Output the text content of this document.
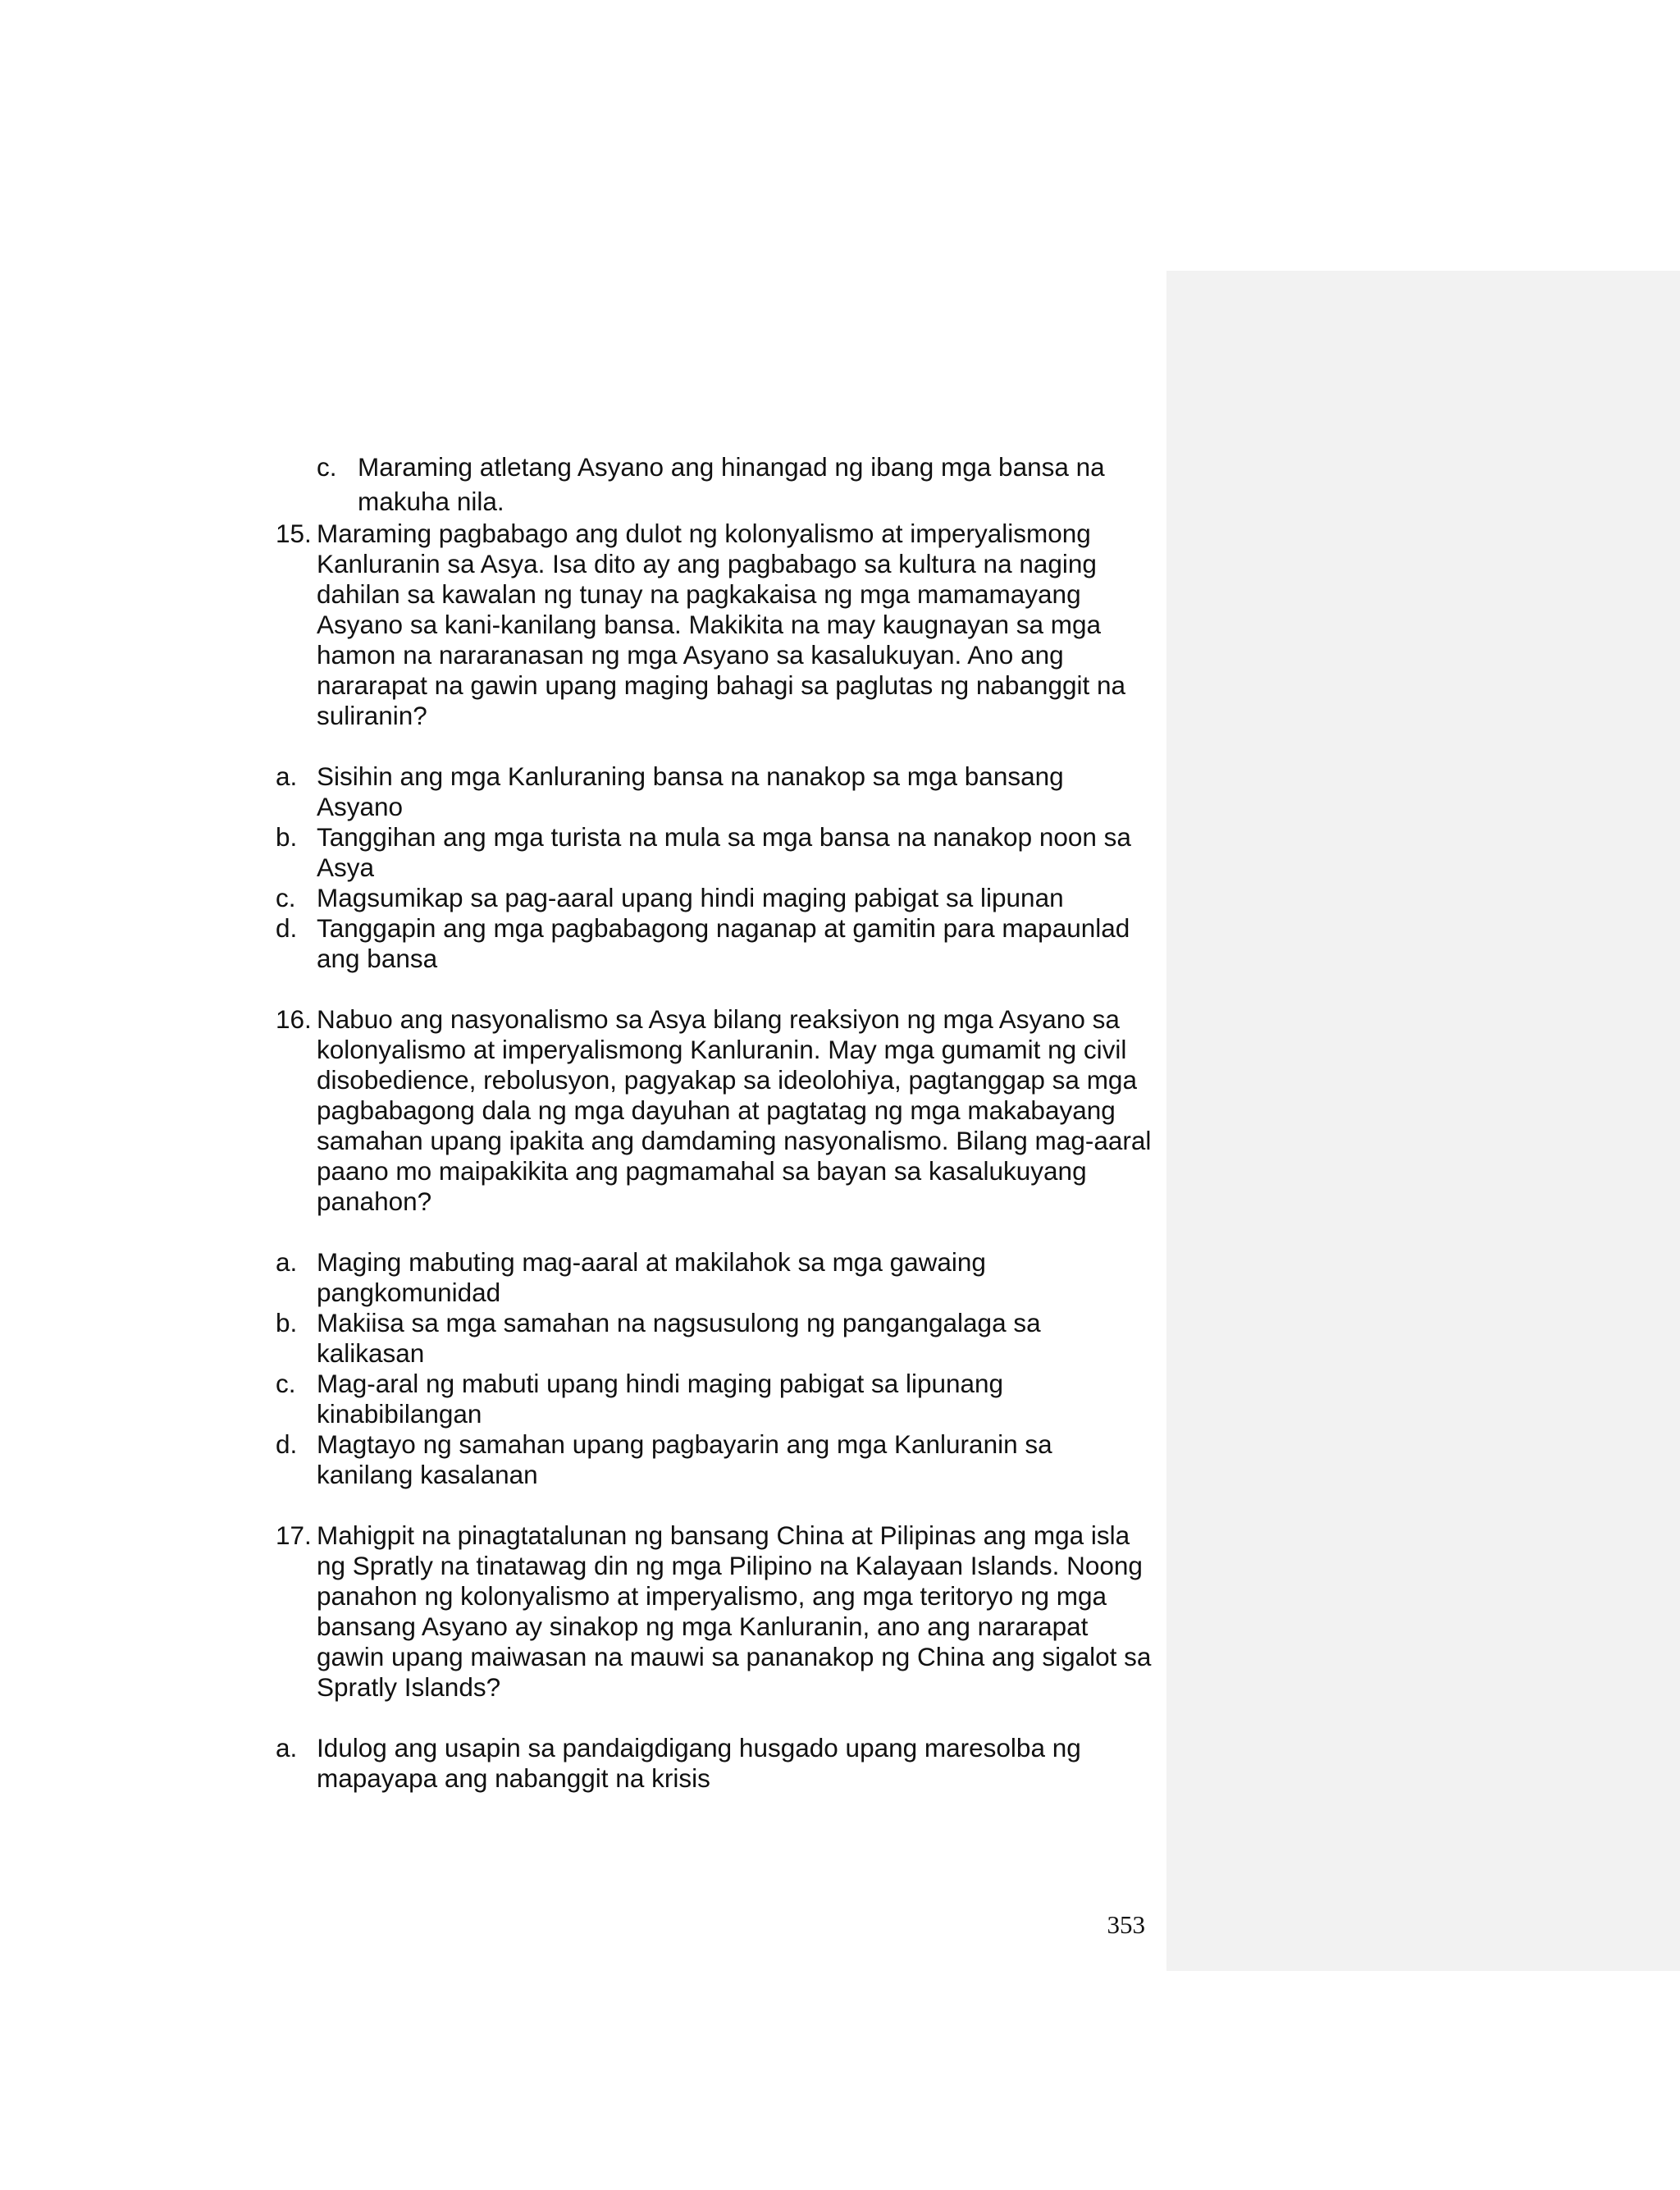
c. Maraming atletang Asyano ang hinangad ng ibang mga bansa na makuha nila.
15. Maraming pagbabago ang dulot ng kolonyalismo at imperyalismong Kanluranin sa Asya. Isa dito ay ang pagbabago sa kultura na naging dahilan sa kawalan ng tunay na pagkakaisa ng mga mamamayang Asyano sa kani-kanilang bansa. Makikita na may kaugnayan sa mga hamon na nararanasan ng mga Asyano sa kasalukuyan. Ano ang nararapat na gawin upang maging bahagi sa paglutas ng nabanggit na suliranin?
a. Sisihin ang mga Kanluraning bansa na nanakop sa mga bansang Asyano
b. Tanggihan ang mga turista na mula sa mga bansa na nanakop noon sa Asya
c. Magsumikap sa pag-aaral upang hindi maging pabigat sa lipunan
d. Tanggapin ang mga pagbabagong naganap at gamitin para mapaunlad ang bansa
16. Nabuo ang nasyonalismo sa Asya bilang reaksiyon ng mga Asyano sa kolonyalismo at imperyalismong Kanluranin. May mga gumamit ng civil disobedience, rebolusyon, pagyakap sa ideolohiya, pagtanggap sa mga pagbabagong dala ng mga dayuhan at pagtatag ng mga makabayang samahan upang ipakita ang damdaming nasyonalismo. Bilang mag-aaral paano mo maipakikita ang pagmamahal sa bayan sa kasalukuyang panahon?
a. Maging mabuting mag-aaral at makilahok sa mga gawaing pangkomunidad
b. Makiisa sa mga samahan na nagsusulong ng pangangalaga sa kalikasan
c. Mag-aral ng mabuti upang hindi maging pabigat sa lipunang kinabibilangan
d. Magtayo ng samahan upang pagbayarin ang mga Kanluranin sa kanilang kasalanan
17. Mahigpit na pinagtatalunan ng bansang China at Pilipinas ang mga isla ng Spratly na tinatawag din ng mga Pilipino na Kalayaan Islands. Noong panahon ng kolonyalismo at imperyalismo, ang mga teritoryo ng mga bansang Asyano ay sinakop ng mga Kanluranin, ano ang nararapat gawin upang maiwasan na mauwi sa pananakop ng China ang sigalot sa Spratly Islands?
a. Idulog ang usapin sa pandaigdigang husgado upang maresolba ng mapayapa ang nabanggit na krisis
353
